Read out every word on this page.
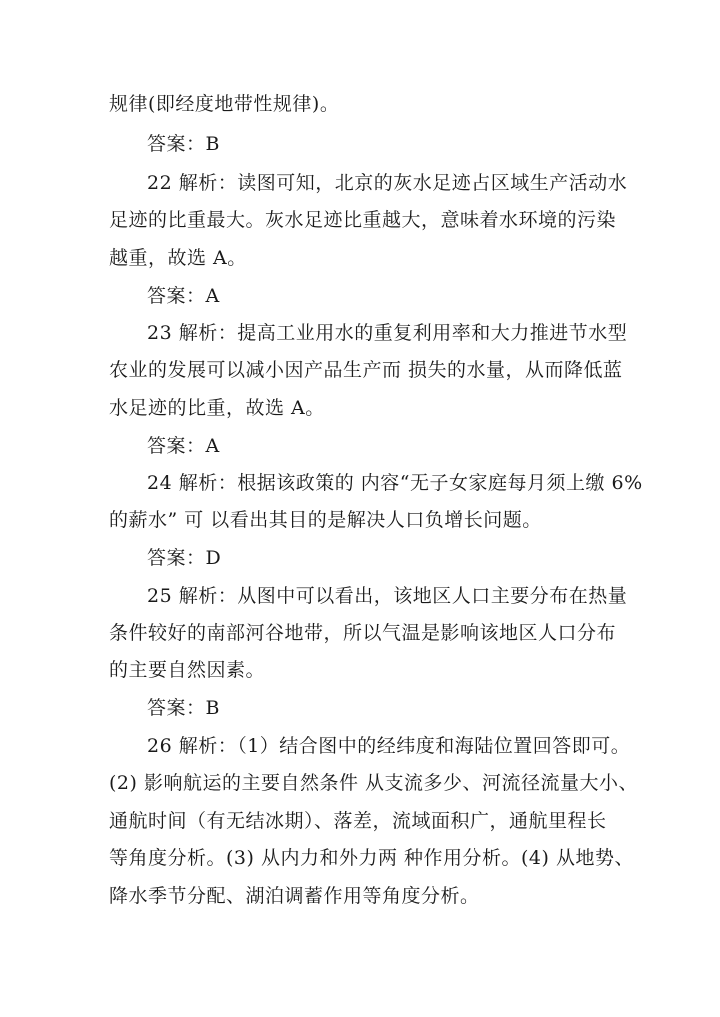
规律(即经度地带性规律)。
答案：B
22 解析：读图可知，北京的灰水足迹占区域生产活动水
足迹的比重最大。灰水足迹比重越大，意味着水环境的污染
越重，故选 A。
答案：A
23 解析：提高工业用水的重复利用率和大力推进节水型
农业的发展可以减小因产品生产而 损失的水量，从而降低蓝
水足迹的比重，故选 A。
答案：A
24 解析：根据该政策的 内容“无子女家庭每月须上缴 6%
的薪水” 可 以看出其目的是解决人口负增长问题。
答案：D
25 解析：从图中可以看出，该地区人口主要分布在热量
条件较好的南部河谷地带，所以气温是影响该地区人口分布
的主要自然因素。
答案：B
26 解析：（1）结合图中的经纬度和海陆位置回答即可。
(2) 影响航运的主要自然条件 从支流多少、河流径流量大小、
通航时间（有无结冰期）、落差，流域面积广，通航里程长
等角度分析。(3) 从内力和外力两 种作用分析。(4) 从地势、
降水季节分配、湖泊调蓄作用等角度分析。
